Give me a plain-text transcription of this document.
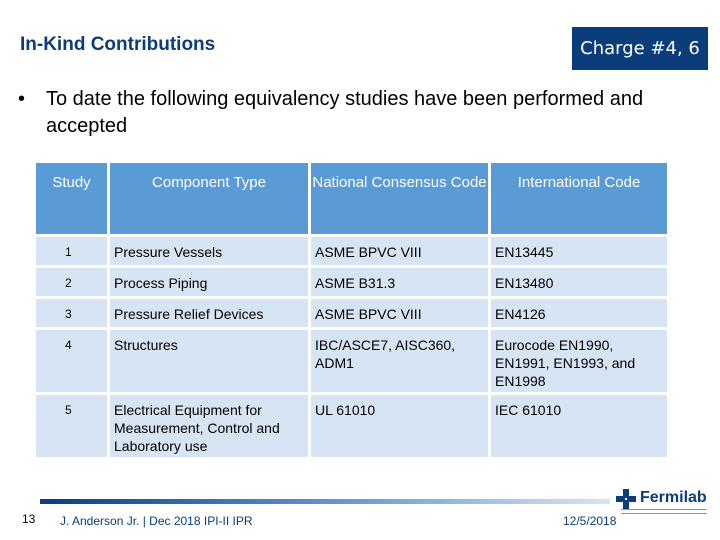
In-Kind Contributions	Charge #4, 6
•	To date the following equivalency studies have been performed and accepted
Study	Component Type	National Consensus Code	International Code
1	Pressure Vessels	ASME BPVC VIII	EN13445
2	Process Piping	ASME B31.3	EN13480
3	Pressure Relief Devices	ASME BPVC VIII	EN4126
4	Structures	IBC/ASCE7, AISC360, ADM1	Eurocode EN1990, EN1991, EN1993, and EN1998
5	Electrical Equipment for Measurement, Control and Laboratory use	UL 61010	IEC 61010
13 J. Anderson Jr. | Dec 2018 IPI-II IPR	12/5/2018
Fermilab
